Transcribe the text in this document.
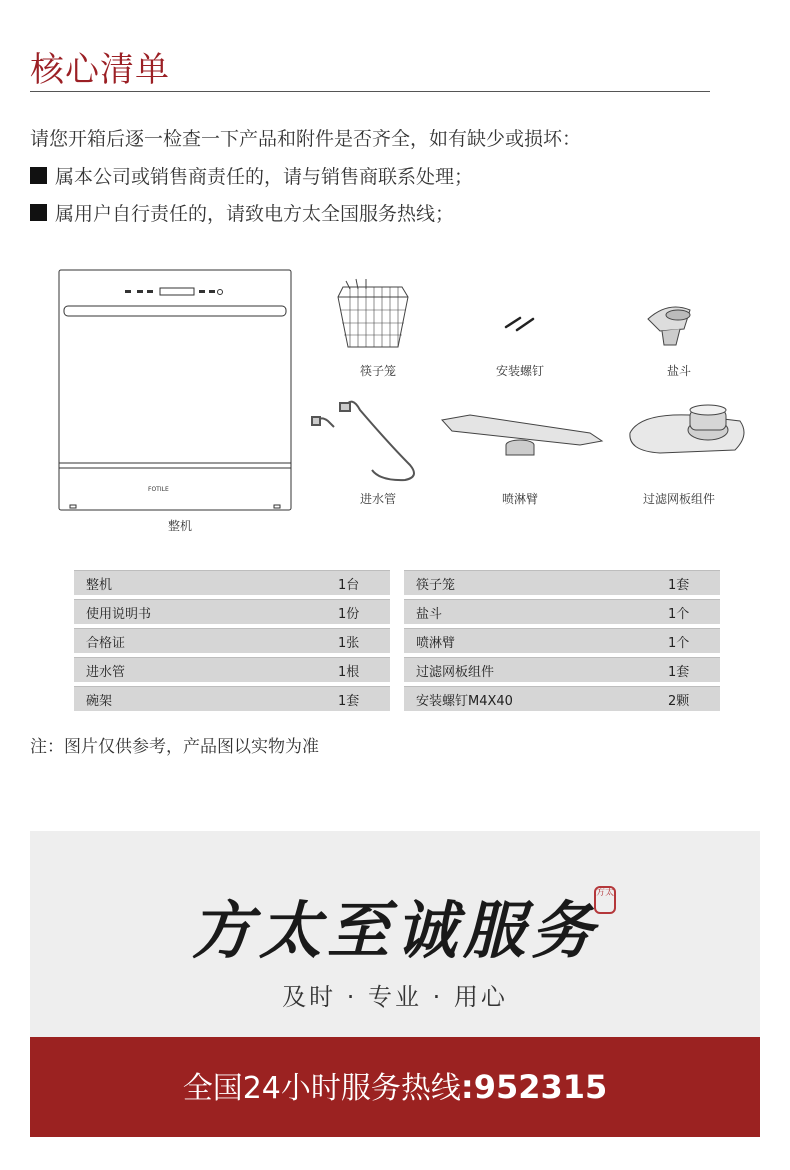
核心清单
请您开箱后逐一检查一下产品和附件是否齐全，如有缺少或损坏：
属本公司或销售商责任的，请与销售商联系处理；
属用户自行责任的，请致电方太全国服务热线；
FOTILE
整机
筷子笼	安装螺钉	盐斗
进水管	喷淋臂	过滤网板组件
整机	1台
使用说明书	1份
合格证	1张
进水管	1根
碗架	1套
筷子笼	1套
盐斗	1个
喷淋臂	1个
过滤网板组件	1套
安装螺钉M4X40	2颗
注：图片仅供参考，产品图以实物为准
方太至诚服务
方太
及时 · 专业 · 用心
全国24小时服务热线:952315
